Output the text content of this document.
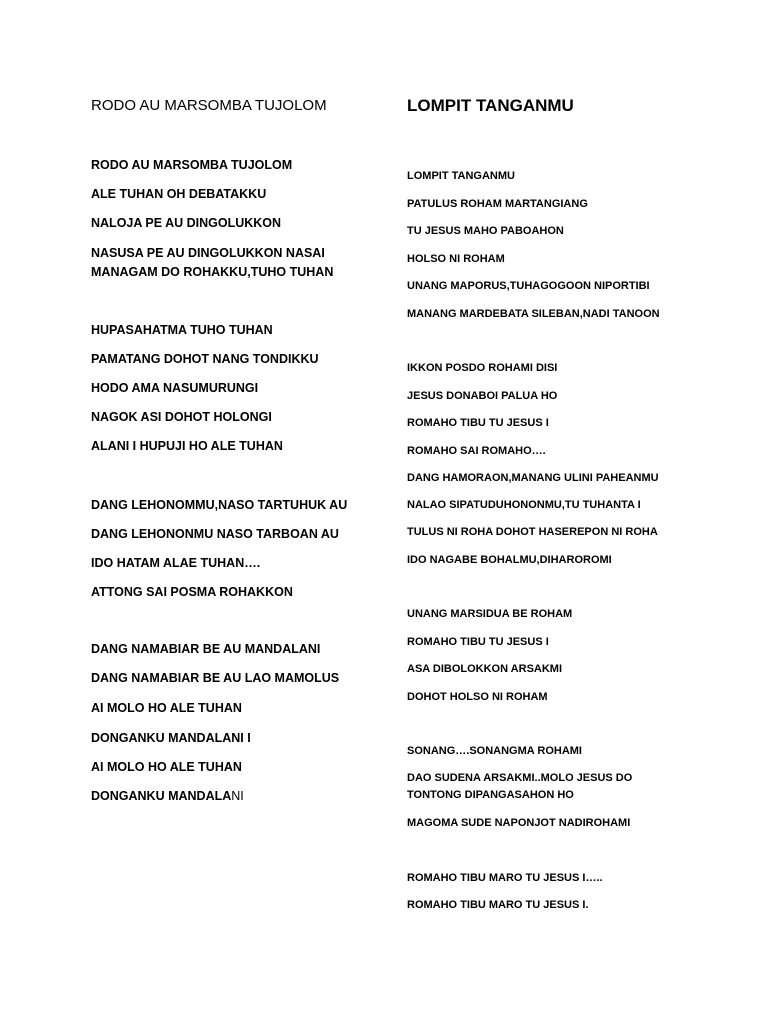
RODO AU MARSOMBA TUJOLOM
RODO AU MARSOMBA TUJOLOM
ALE TUHAN OH DEBATAKKU
NALOJA PE AU DINGOLUKKON
NASUSA PE AU DINGOLUKKON NASAI MANAGAM DO ROHAKKU,TUHO TUHAN
HUPASAHATMA TUHO TUHAN
PAMATANG DOHOT NANG TONDIKKU
HODO AMA NASUMURUNGI
NAGOK ASI DOHOT HOLONGI
ALANI I HUPUJI HO ALE TUHAN
DANG LEHONOMMU,NASO TARTUHUK AU
DANG LEHONONMU NASO TARBOAN AU
IDO HATAM ALAE TUHAN….
ATTONG SAI POSMA ROHAKKON
DANG NAMABIAR BE AU MANDALANI
DANG NAMABIAR BE AU LAO MAMOLUS
AI MOLO HO ALE TUHAN
DONGANKU MANDALANI I
AI MOLO HO ALE TUHAN
DONGANKU MANDALANI
LOMPIT TANGANMU
LOMPIT TANGANMU
PATULUS ROHAM MARTANGIANG
TU JESUS MAHO PABOAHON
HOLSO NI ROHAM
UNANG MAPORUS,TUHAGOGOON NIPORTIBI
MANANG MARDEBATA SILEBAN,NADI TANOON
IKKON POSDO ROHAMI DISI
JESUS DONABOI PALUA HO
ROMAHO TIBU TU JESUS I
ROMAHO SAI ROMAHO….
DANG HAMORAON,MANANG ULINI PAHEANMU
NALAO SIPATUDUHONONMU,TU TUHANTA I
TULUS NI ROHA DOHOT HASEREPON NI ROHA
IDO NAGABE BOHALMU,DIHAROROMI
UNANG MARSIDUA BE ROHAM
ROMAHO TIBU TU JESUS I
ASA DIBOLOKKON ARSAKMI
DOHOT HOLSO NI ROHAM
SONANG….SONANGMA ROHAMI
DAO SUDENA ARSAKMI..MOLO JESUS DO TONTONG DIPANGASAHON HO
MAGOMA SUDE NAPONJOT NADIROHAMI
ROMAHO TIBU MARO TU JESUS I…..
ROMAHO TIBU MARO TU JESUS I.
